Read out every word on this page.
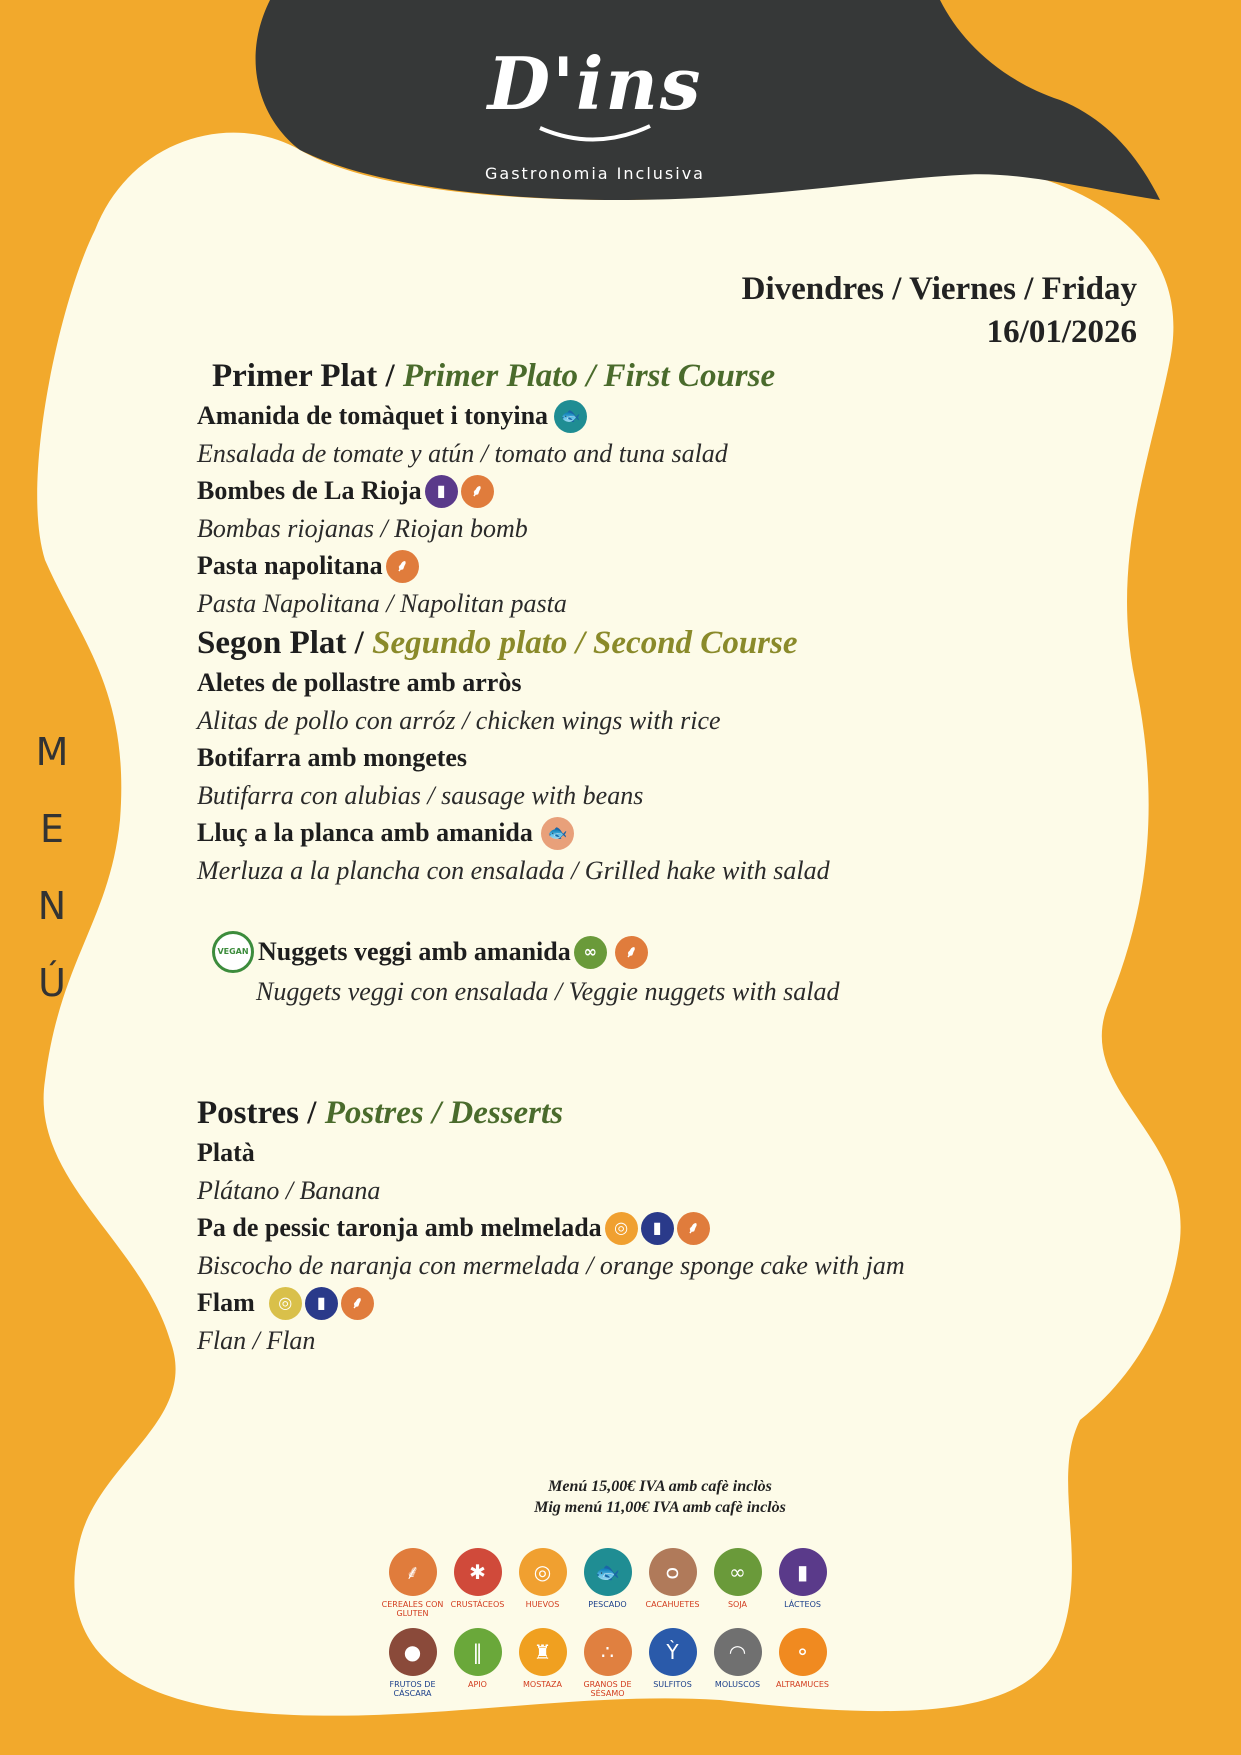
D'ins
Gastronomia Inclusiva
Divendres / Viernes / Friday
16/01/2026
M
E
N
Ú
Primer Plat / Primer Plato / First Course
Amanida de tomàquet i tonyina 🐟
Ensalada de tomate y atún / tomato and tuna salad
Bombes de La Rioja ▮	⸙
Bombas riojanas / Riojan bomb
Pasta napolitana ⸙
Pasta Napolitana / Napolitan pasta
Segon Plat / Segundo plato / Second Course
Aletes de pollastre amb arròs
Alitas de pollo con arróz / chicken wings with rice
Botifarra amb mongetes
Butifarra con alubias / sausage with beans
Lluç a la planca amb amanida 🐟
Merluza a la plancha con ensalada / Grilled hake with salad
VEGAN Nuggets veggi amb amanida ∞	⸙
Nuggets veggi con ensalada / Veggie nuggets with salad
Postres / Postres / Desserts
Platà
Plátano / Banana
Pa de pessic taronja amb melmelada ◎	▮	⸙
Biscocho de naranja con mermelada / orange sponge cake with jam
Flam	◎	▮	⸙
Flan / Flan
Menú 15,00€ IVA amb cafè inclòs
Mig menú 11,00€ IVA amb cafè inclòs
⸙
CEREALES CON GLUTEN
✱
CRUSTÁCEOS
◎
HUEVOS
🐟
PESCADO
ᴑ
CACAHUETES
∞
SOJA
▮
LÁCTEOS
●
FRUTOS DE CÁSCARA
‖
APIO
♜
MOSTAZA
∴
GRANOS DE SÉSAMO
Ỳ
SULFITOS
◠
MOLUSCOS
⚬
ALTRAMUCES
